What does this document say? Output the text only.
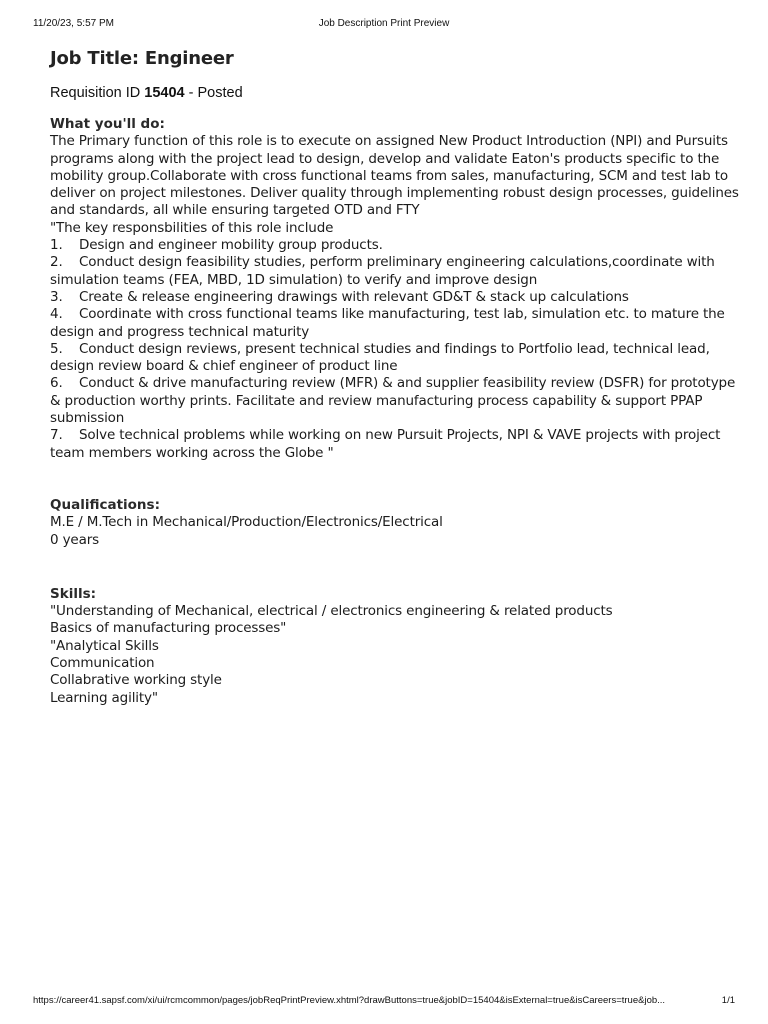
11/20/23, 5:57 PM	Job Description Print Preview
Job Title: Engineer
Requisition ID 15404 - Posted
What you'll do:
The Primary function of this role is to execute on assigned New Product Introduction (NPI) and Pursuits programs along with the project lead to design, develop and validate Eaton's products specific to the mobility group.Collaborate with cross functional teams from sales, manufacturing, SCM and test lab to deliver on project milestones. Deliver quality through implementing robust design processes, guidelines and standards, all while ensuring targeted OTD and FTY
"The key responsbilities of this role include
1. Design and engineer mobility group products.
2. Conduct design feasibility studies, perform preliminary engineering calculations,coordinate with simulation teams (FEA, MBD, 1D simulation) to verify and improve design
3. Create & release engineering drawings with relevant GD&T & stack up calculations
4. Coordinate with cross functional teams like manufacturing, test lab, simulation etc. to mature the design and progress technical maturity
5. Conduct design reviews, present technical studies and findings to Portfolio lead, technical lead, design review board & chief engineer of product line
6. Conduct & drive manufacturing review (MFR) & and supplier feasibility review (DSFR) for prototype & production worthy prints. Facilitate and review manufacturing process capability & support PPAP submission
7. Solve technical problems while working on new Pursuit Projects, NPI & VAVE projects with project team members working across the Globe "
Qualifications:
M.E / M.Tech in Mechanical/Production/Electronics/Electrical
0 years
Skills:
"Understanding of Mechanical, electrical / electronics engineering & related products
Basics of manufacturing processes"
"Analytical Skills
Communication
Collabrative working style
Learning agility"
https://career41.sapsf.com/xi/ui/rcmcommon/pages/jobReqPrintPreview.xhtml?drawButtons=true&jobID=15404&isExternal=true&isCareers=true&job...	1/1
